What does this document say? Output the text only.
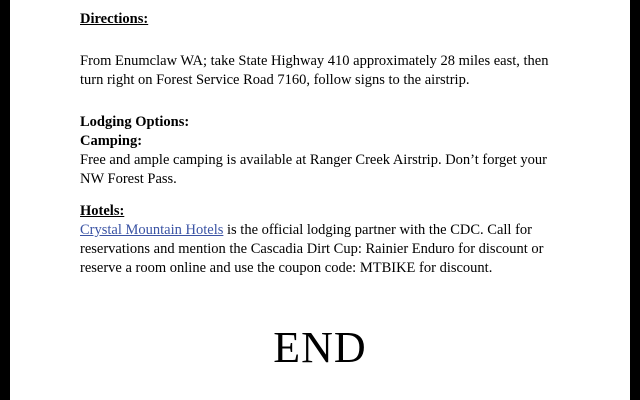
Directions:
From Enumclaw WA; take State Highway 410 approximately 28 miles east, then turn right on Forest Service Road 7160, follow signs to the airstrip.
Lodging Options:
Camping:
Free and ample camping is available at Ranger Creek Airstrip. Don’t forget your NW Forest Pass.
Hotels:
Crystal Mountain Hotels is the official lodging partner with the CDC. Call for reservations and mention the Cascadia Dirt Cup: Rainier Enduro for discount or reserve a room online and use the coupon code: MTBIKE for discount.
END
